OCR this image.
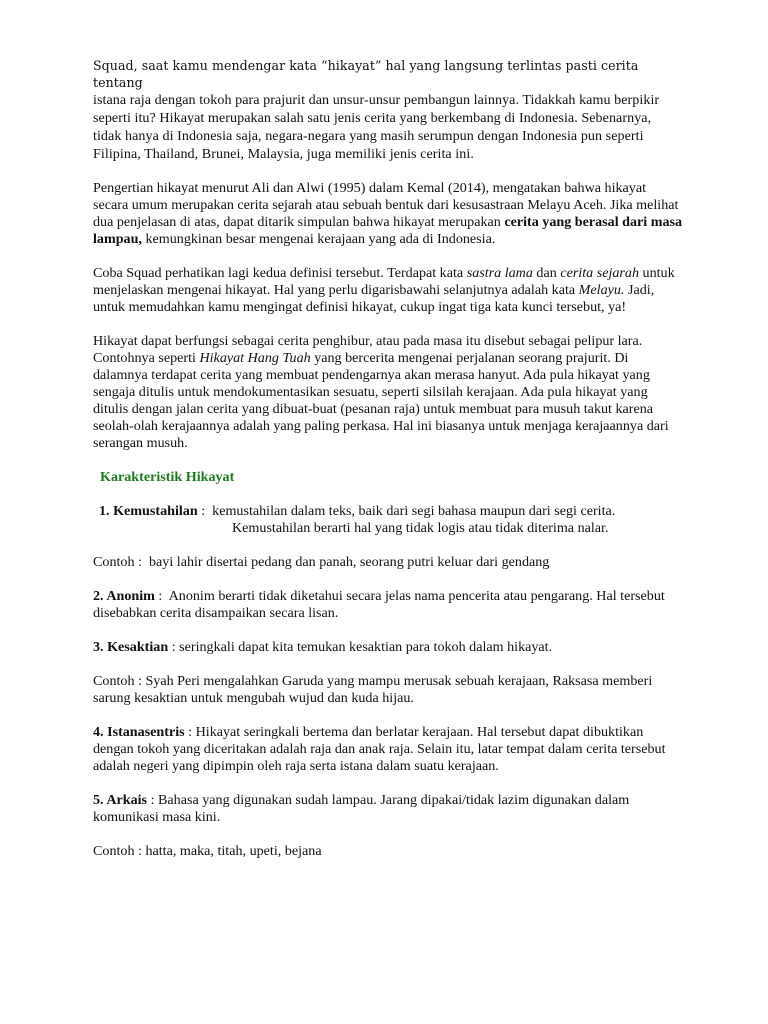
Squad, saat kamu mendengar kata “hikayat” hal yang langsung terlintas pasti cerita tentang
istana raja dengan tokoh para prajurit dan unsur-unsur pembangun lainnya. Tidakkah kamu berpikir seperti itu? Hikayat merupakan salah satu jenis cerita yang berkembang di Indonesia. Sebenarnya, tidak hanya di Indonesia saja, negara-negara yang masih serumpun dengan Indonesia pun seperti Filipina, Thailand, Brunei, Malaysia, juga memiliki jenis cerita ini.

Pengertian hikayat menurut Ali dan Alwi (1995) dalam Kemal (2014), mengatakan bahwa hikayat secara umum merupakan cerita sejarah atau sebuah bentuk dari kesusastraan Melayu Aceh. Jika melihat dua penjelasan di atas, dapat ditarik simpulan bahwa hikayat merupakan cerita yang berasal dari masa lampau, kemungkinan besar mengenai kerajaan yang ada di Indonesia.

Coba Squad perhatikan lagi kedua definisi tersebut. Terdapat kata sastra lama dan cerita sejarah untuk menjelaskan mengenai hikayat. Hal yang perlu digarisbawahi selanjutnya adalah kata Melayu. Jadi, untuk memudahkan kamu mengingat definisi hikayat, cukup ingat tiga kata kunci tersebut, ya!

Hikayat dapat berfungsi sebagai cerita penghibur, atau pada masa itu disebut sebagai pelipur lara. Contohnya seperti Hikayat Hang Tuah yang bercerita mengenai perjalanan seorang prajurit. Di dalamnya terdapat cerita yang membuat pendengarnya akan merasa hanyut. Ada pula hikayat yang sengaja ditulis untuk mendokumentasikan sesuatu, seperti silsilah kerajaan. Ada pula hikayat yang ditulis dengan jalan cerita yang dibuat-buat (pesanan raja) untuk membuat para musuh takut karena seolah-olah kerajaannya adalah yang paling perkasa. Hal ini biasanya untuk menjaga kerajaannya dari serangan musuh.

Karakteristik Hikayat

1. Kemustahilan :  kemustahilan dalam teks, baik dari segi bahasa maupun dari segi cerita.
Kemustahilan berarti hal yang tidak logis atau tidak diterima nalar.

Contoh :  bayi lahir disertai pedang dan panah, seorang putri keluar dari gendang

2. Anonim :  Anonim berarti tidak diketahui secara jelas nama pencerita atau pengarang. Hal tersebut disebabkan cerita disampaikan secara lisan.

3. Kesaktian : seringkali dapat kita temukan kesaktian para tokoh dalam hikayat.

Contoh : Syah Peri mengalahkan Garuda yang mampu merusak sebuah kerajaan, Raksasa memberi sarung kesaktian untuk mengubah wujud dan kuda hijau.

4. Istanasentris : Hikayat seringkali bertema dan berlatar kerajaan. Hal tersebut dapat dibuktikan dengan tokoh yang diceritakan adalah raja dan anak raja. Selain itu, latar tempat dalam cerita tersebut adalah negeri yang dipimpin oleh raja serta istana dalam suatu kerajaan.

5. Arkais : Bahasa yang digunakan sudah lampau. Jarang dipakai/tidak lazim digunakan dalam komunikasi masa kini.

Contoh : hatta, maka, titah, upeti, bejana
